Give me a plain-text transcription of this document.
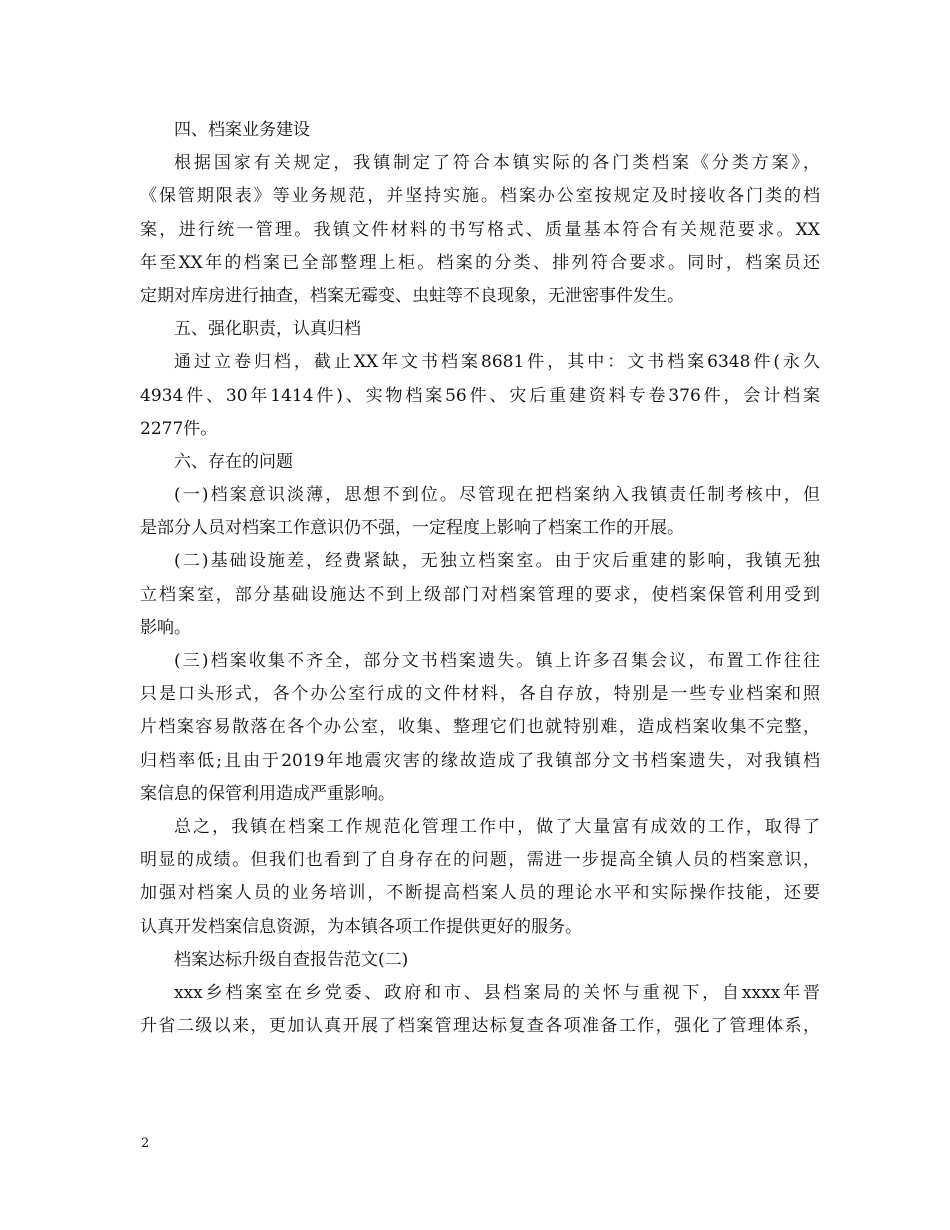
四、档案业务建设
根据国家有关规定，我镇制定了符合本镇实际的各门类档案《分类方案》，
《保管期限表》等业务规范，并坚持实施。档案办公室按规定及时接收各门类的档
案，进行统一管理。我镇文件材料的书写格式、质量基本符合有关规范要求。XX
年至XX年的档案已全部整理上柜。档案的分类、排列符合要求。同时，档案员还
定期对库房进行抽查，档案无霉变、虫蛀等不良现象，无泄密事件发生。
五、强化职责，认真归档
通过立卷归档，截止XX年文书档案8681件，其中：文书档案6348件(永久
4934件、30年1414件)、实物档案56件、灾后重建资料专卷376件，会计档案
2277件。
六、存在的问题
(一)档案意识淡薄，思想不到位。尽管现在把档案纳入我镇责任制考核中，但
是部分人员对档案工作意识仍不强，一定程度上影响了档案工作的开展。
(二)基础设施差，经费紧缺，无独立档案室。由于灾后重建的影响，我镇无独
立档案室，部分基础设施达不到上级部门对档案管理的要求，使档案保管利用受到
影响。
(三)档案收集不齐全，部分文书档案遗失。镇上许多召集会议，布置工作往往
只是口头形式，各个办公室行成的文件材料，各自存放，特别是一些专业档案和照
片档案容易散落在各个办公室，收集、整理它们也就特别难，造成档案收集不完整，
归档率低;且由于2019年地震灾害的缘故造成了我镇部分文书档案遗失，对我镇档
案信息的保管利用造成严重影响。
总之，我镇在档案工作规范化管理工作中，做了大量富有成效的工作，取得了
明显的成绩。但我们也看到了自身存在的问题，需进一步提高全镇人员的档案意识，
加强对档案人员的业务培训，不断提高档案人员的理论水平和实际操作技能，还要
认真开发档案信息资源，为本镇各项工作提供更好的服务。
档案达标升级自查报告范文(二)
xxx乡档案室在乡党委、政府和市、县档案局的关怀与重视下，自xxxx年晋
升省二级以来，更加认真开展了档案管理达标复查各项准备工作，强化了管理体系，
2
